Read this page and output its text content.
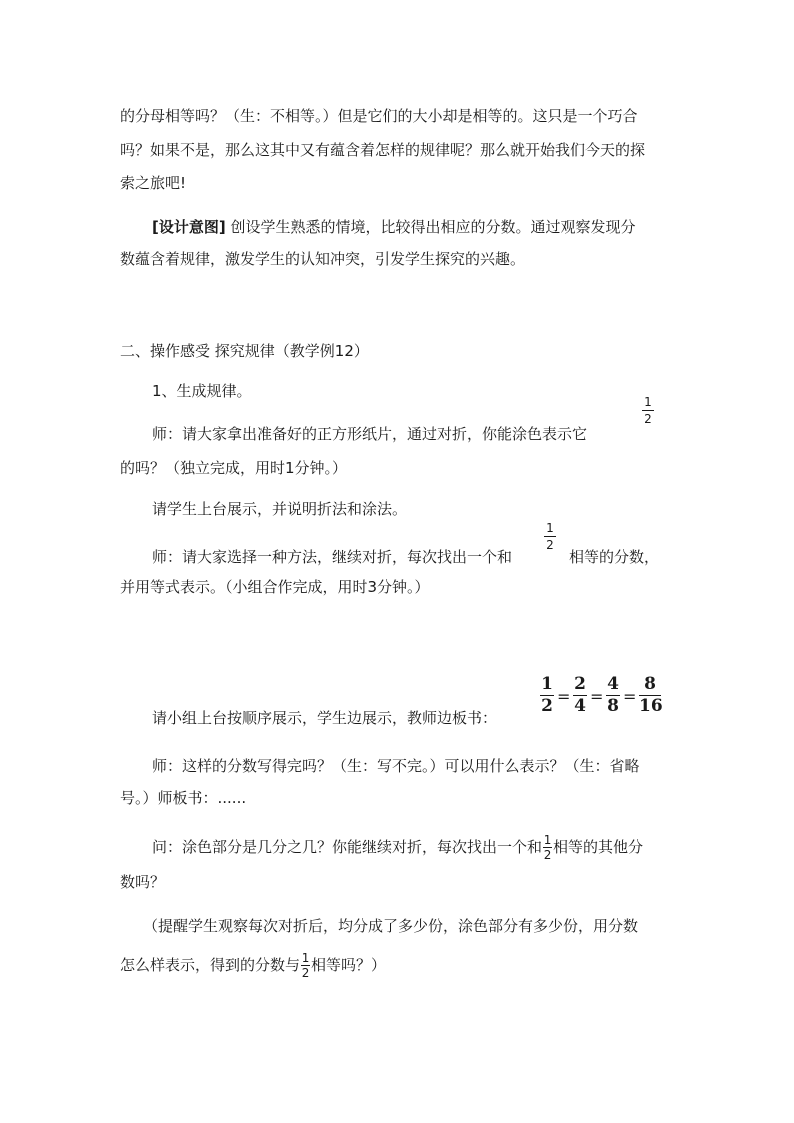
的分母相等吗？（生：不相等。）但是它们的大小却是相等的。这只是一个巧合
吗？如果不是，那么这其中又有蕴含着怎样的规律呢？那么就开始我们今天的探
索之旅吧!
[设计意图] 创设学生熟悉的情境，比较得出相应的分数。通过观察发现分
数蕴含着规律，激发学生的认知冲突，引发学生探究的兴趣。
二、操作感受 探究规律（教学例12）
1、生成规律。
1
2
师：请大家拿出准备好的正方形纸片，通过对折，你能涂色表示它
的吗？（独立完成，用时1分钟。）
请学生上台展示，并说明折法和涂法。
师：请大家选择一种方法，继续对折，每次找出一个和
1
2
相等的分数，
并用等式表示。（小组合作完成，用时3分钟。）
1
2 =
2
4 =
4
8 =
8
16
请小组上台按顺序展示，学生边展示，教师边板书：
师：这样的分数写得完吗？（生：写不完。）可以用什么表示？（生：省略
号。）师板书：......
问：涂色部分是几分之几？你能继续对折，每次找出一个和 $\frac{1}{2}$ 相等的其他分
数吗？
（提醒学生观察每次对折后，均分成了多少份，涂色部分有多少份，用分数
怎么样表示，得到的分数与 $\frac{1}{2}$ 相等吗？）
